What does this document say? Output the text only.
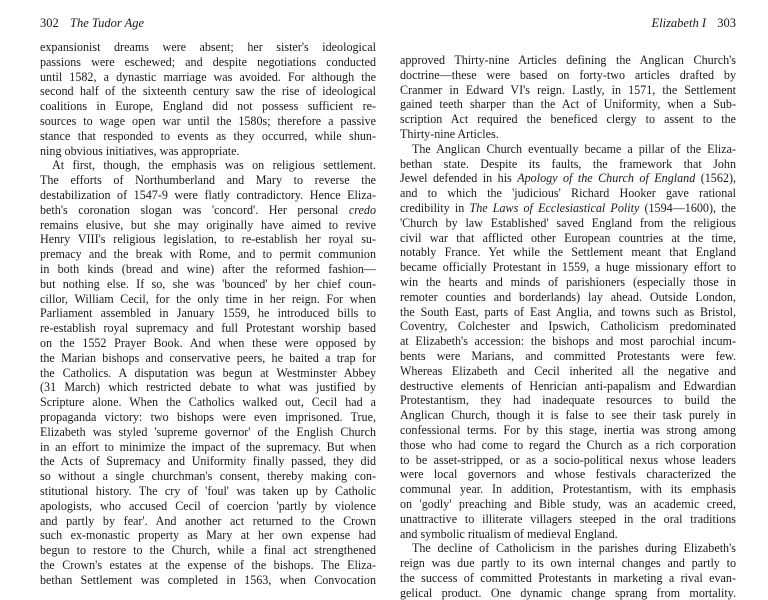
302 The Tudor Age

expansionist dreams were absent; her sister's ideological
passions were eschewed; and despite negotiations conducted
until 1582, a dynastic marriage was avoided. For although the
second half of the sixteenth century saw the rise of ideological
coalitions in Europe, England did not possess sufficient re-
sources to wage open war until the 1580s; therefore a passive
stance that responded to events as they occurred, while shun-
ning obvious initiatives, was appropriate.

At first, though, the emphasis was on religious settlement.
The efforts of Northumberland and Mary to reverse the
destabilization of 1547-9 were flatly contradictory. Hence Eliza-
beth's coronation slogan was 'concord'. Her personal credo
remains elusive, but she may originally have aimed to revive
Henry VIII's religious legislation, to re-establish her royal su-
premacy and the break with Rome, and to permit communion
in both kinds (bread and wine) after the reformed fashion—
but nothing else. If so, she was 'bounced' by her chief coun-
cillor, William Cecil, for the only time in her reign. For when
Parliament assembled in January 1559, he introduced bills to
re-establish royal supremacy and full Protestant worship based
on the 1552 Prayer Book. And when these were opposed by
the Marian bishops and conservative peers, he baited a trap for
the Catholics. A disputation was begun at Westminster Abbey
(31 March) which restricted debate to what was justified by
Scripture alone. When the Catholics walked out, Cecil had a
propaganda victory: two bishops were even imprisoned. True,
Elizabeth was styled 'supreme governor' of the English Church
in an effort to minimize the impact of the supremacy. But when
the Acts of Supremacy and Uniformity finally passed, they did
so without a single churchman's consent, thereby making con-
stitutional history. The cry of 'foul' was taken up by Catholic
apologists, who accused Cecil of coercion 'partly by violence
and partly by fear'. And another act returned to the Crown
such ex-monastic property as Mary at her own expense had
begun to restore to the Church, while a final act strengthened
the Crown's estates at the expense of the bishops. The Eliza-
bethan Settlement was completed in 1563, when Convocation

Elizabeth I 303

approved Thirty-nine Articles defining the Anglican Church's
doctrine—these were based on forty-two articles drafted by
Cranmer in Edward VI's reign. Lastly, in 1571, the Settlement
gained teeth sharper than the Act of Uniformity, when a Sub-
scription Act required the beneficed clergy to assent to the
Thirty-nine Articles.

The Anglican Church eventually became a pillar of the Eliza-
bethan state. Despite its faults, the framework that John
Jewel defended in his Apology of the Church of England (1562),
and to which the 'judicious' Richard Hooker gave rational
credibility in The Laws of Ecclesiastical Polity (1594—1600), the
'Church by law Established' saved England from the religious
civil war that afflicted other European countries at the time,
notably France. Yet while the Settlement meant that England
became officially Protestant in 1559, a huge missionary effort to
win the hearts and minds of parishioners (especially those in
remoter counties and borderlands) lay ahead. Outside London,
the South East, parts of East Anglia, and towns such as Bristol,
Coventry, Colchester and Ipswich, Catholicism predominated
at Elizabeth's accession: the bishops and most parochial incum-
bents were Marians, and committed Protestants were few.
Whereas Elizabeth and Cecil inherited all the negative and
destructive elements of Henrician anti-papalism and Edwardian
Protestantism, they had inadequate resources to build the
Anglican Church, though it is false to see their task purely in
confessional terms. For by this stage, inertia was strong among
those who had come to regard the Church as a rich corporation
to be asset-stripped, or as a socio-political nexus whose leaders
were local governors and whose festivals characterized the
communal year. In addition, Protestantism, with its emphasis
on 'godly' preaching and Bible study, was an academic creed,
unattractive to illiterate villagers steeped in the oral traditions
and symbolic ritualism of medieval England.

The decline of Catholicism in the parishes during Elizabeth's
reign was due partly to its own internal changes and partly to
the success of committed Protestants in marketing a rival evan-
gelical product. One dynamic change sprang from mortality.
